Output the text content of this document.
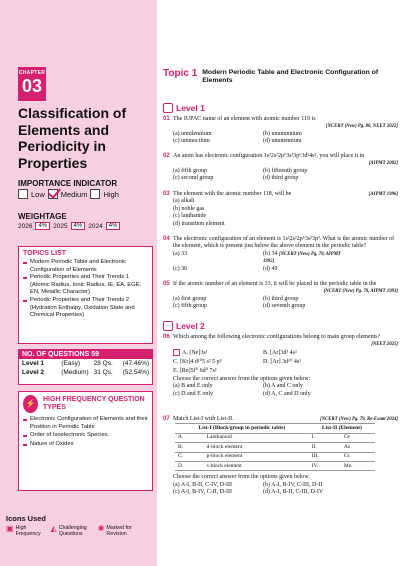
CHAPTER
03
Classification of Elements and Periodicity in Properties
IMPORTANCE INDICATOR
Low Medium High
WEIGHTAGE
2026	4% 2025	4% 2024	4%
TOPICS LIST
Modern Periodic Table and Electronic Configuration of Elements
Periodic Properties and Their Trends 1 (Atomic Radius, Ionic Radius, IE, EA, EGE, EN, Metallic Character)
Periodic Properties and Their Trends 2 (Hydration Enthalpy, Oxidation State and Chemical Properties)
NO. OF QUESTIONS 59
Level 1	(Easy)	28 Qs.	(47.46%)
Level 2	(Medium) 31 Qs.	(52.54%)
⚡	HIGH FREQUENCY QUESTION TYPES
Electronic Configuration of Elements and their Position in Periodic Table
Order of Isoelectronic Species.
Nature of Oxides
Icons Used
▣ High Frequency
◭ Challenging Questions
✱ Marked for Revision
Topic 1 Modern Periodic Table and Electronic Configuration of Elements
Level 1
01 The IUPAC name of an element with atomic number 119 is
[NCERT (New) Pg. 80, NEET 2022]

(a) unnilennium	(b) unununnium
(c) ununoctium	(d) ununennium
02 An atom has electronic configuration 1s²2s²2p⁶3s²3p⁶3d³4s², you will place it in
[AIPMT 2002]

(a) fifth group	(b) fifteenth group
(c) second group	(d) third group
03 The element with the atomic number 118, will be	[AIPMT 1996]
(a) alkali
(b) noble gas
(c) lanthanide
(d) transition element
04 The electronic configuration of an element is 1s²2s²2p⁶3s²3p³. What is the atomic number of the element, which is present just below the above element in the periodic table?
(a) 33	(b) 34 [NCERT (New) Pg. 79, AIPMT 1995]
(c) 36	(d) 49
05 If the atomic number of an element is 33, it will be placed in the periodic table in the
[NCERT (New) Pg. 79, AIPMT 1993]

(a) first group	(b) third group
(c) fifth group	(d) seventh group
Level 2
06 Which among the following electronic configurations belong to main group elements?
[NEET 2025]

A. [Ne]3s¹	B. [Ar]3d³ 4s²
C. [Kr]4 d¹⁰5 s² 5 p⁵	D. [Ar] 3d¹⁰ 4s¹
E. [Rn]5f⁰ 6d⁰ 7s²
Choose the correct answer from the options given below:
(a) B and E only	(b) A and C only
(c) D and E only	(d) A, C and D only
07 Match List-I with List-II.	[NCERT (New) Pg. 79, Re-Exam 2024]
List-I (Block/group in periodic table)		List-II (Element)	
A.	Lanthanoid	I.	Ce
B.	d-block element	II.	As
C.	p-block element	III.	Cs
D.	s-block element	IV.	Mn
Choose the correct answer from the options given below.
(a) A-I, B-II, C-IV, D-III	(b) A-I, B-IV, C-III, D-II
(c) A-I, B-IV, C-II, D-III	(d) A-I, B-II, C-III, D-IV
